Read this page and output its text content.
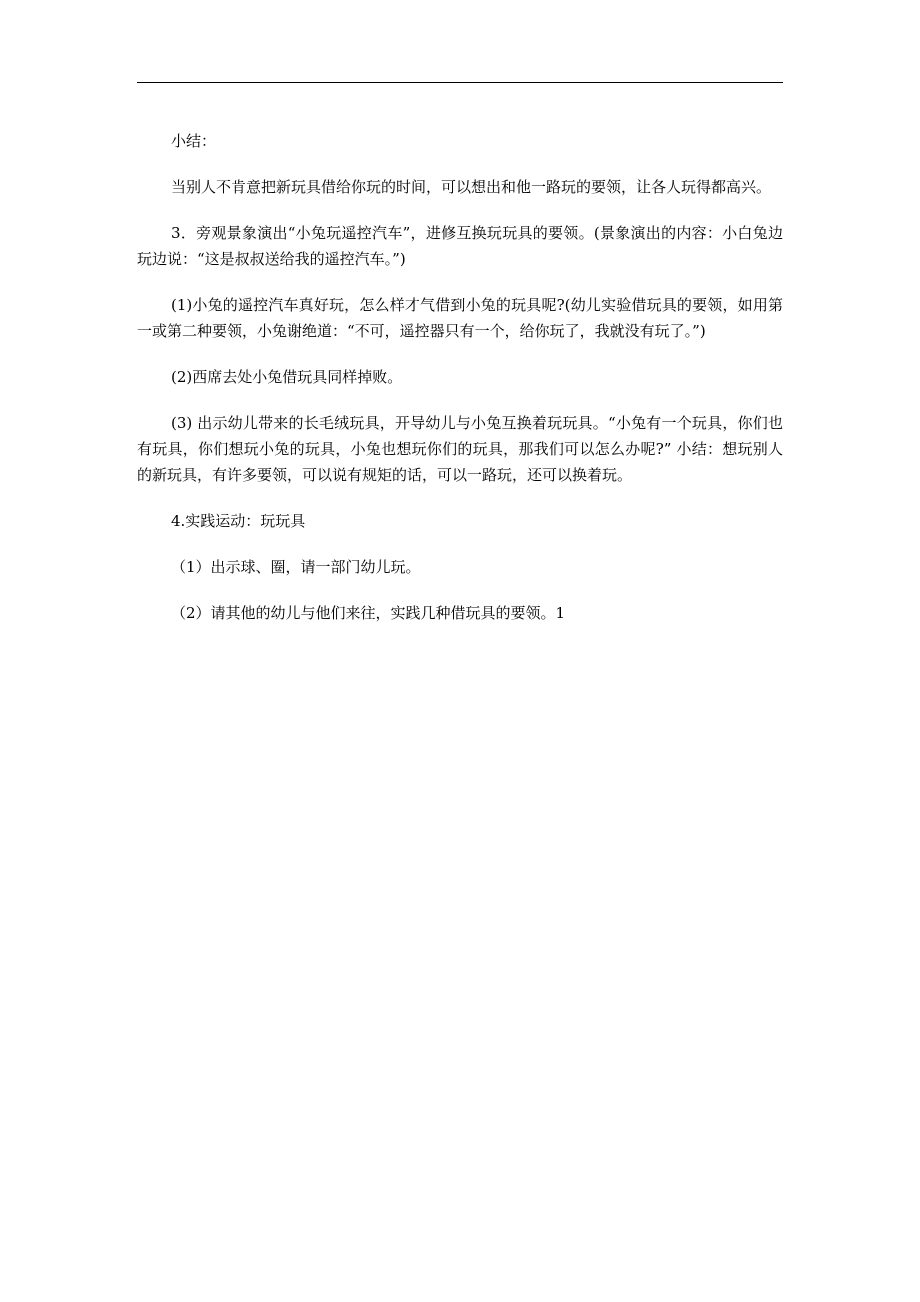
小结：

当别人不肯意把新玩具借给你玩的时间，可以想出和他一路玩的要领，让各人玩得都高兴。

3．旁观景象演出“小兔玩遥控汽车”，进修互换玩玩具的要领。(景象演出的内容：小白兔边玩边说：“这是叔叔送给我的遥控汽车。”)

(1)小兔的遥控汽车真好玩，怎么样才气借到小兔的玩具呢?(幼儿实验借玩具的要领，如用第一或第二种要领，小兔谢绝道：“不可，遥控器只有一个，给你玩了，我就没有玩了。”)

(2)西席去处小兔借玩具同样掉败。

(3) 出示幼儿带来的长毛绒玩具，开导幼儿与小兔互换着玩玩具。“小兔有一个玩具，你们也有玩具，你们想玩小兔的玩具，小兔也想玩你们的玩具，那我们可以怎么办呢?” 小结：想玩别人的新玩具，有许多要领，可以说有规矩的话，可以一路玩，还可以换着玩。

4.实践运动：玩玩具

（1）出示球、圈，请一部门幼儿玩。

（2）请其他的幼儿与他们来往，实践几种借玩具的要领。1
